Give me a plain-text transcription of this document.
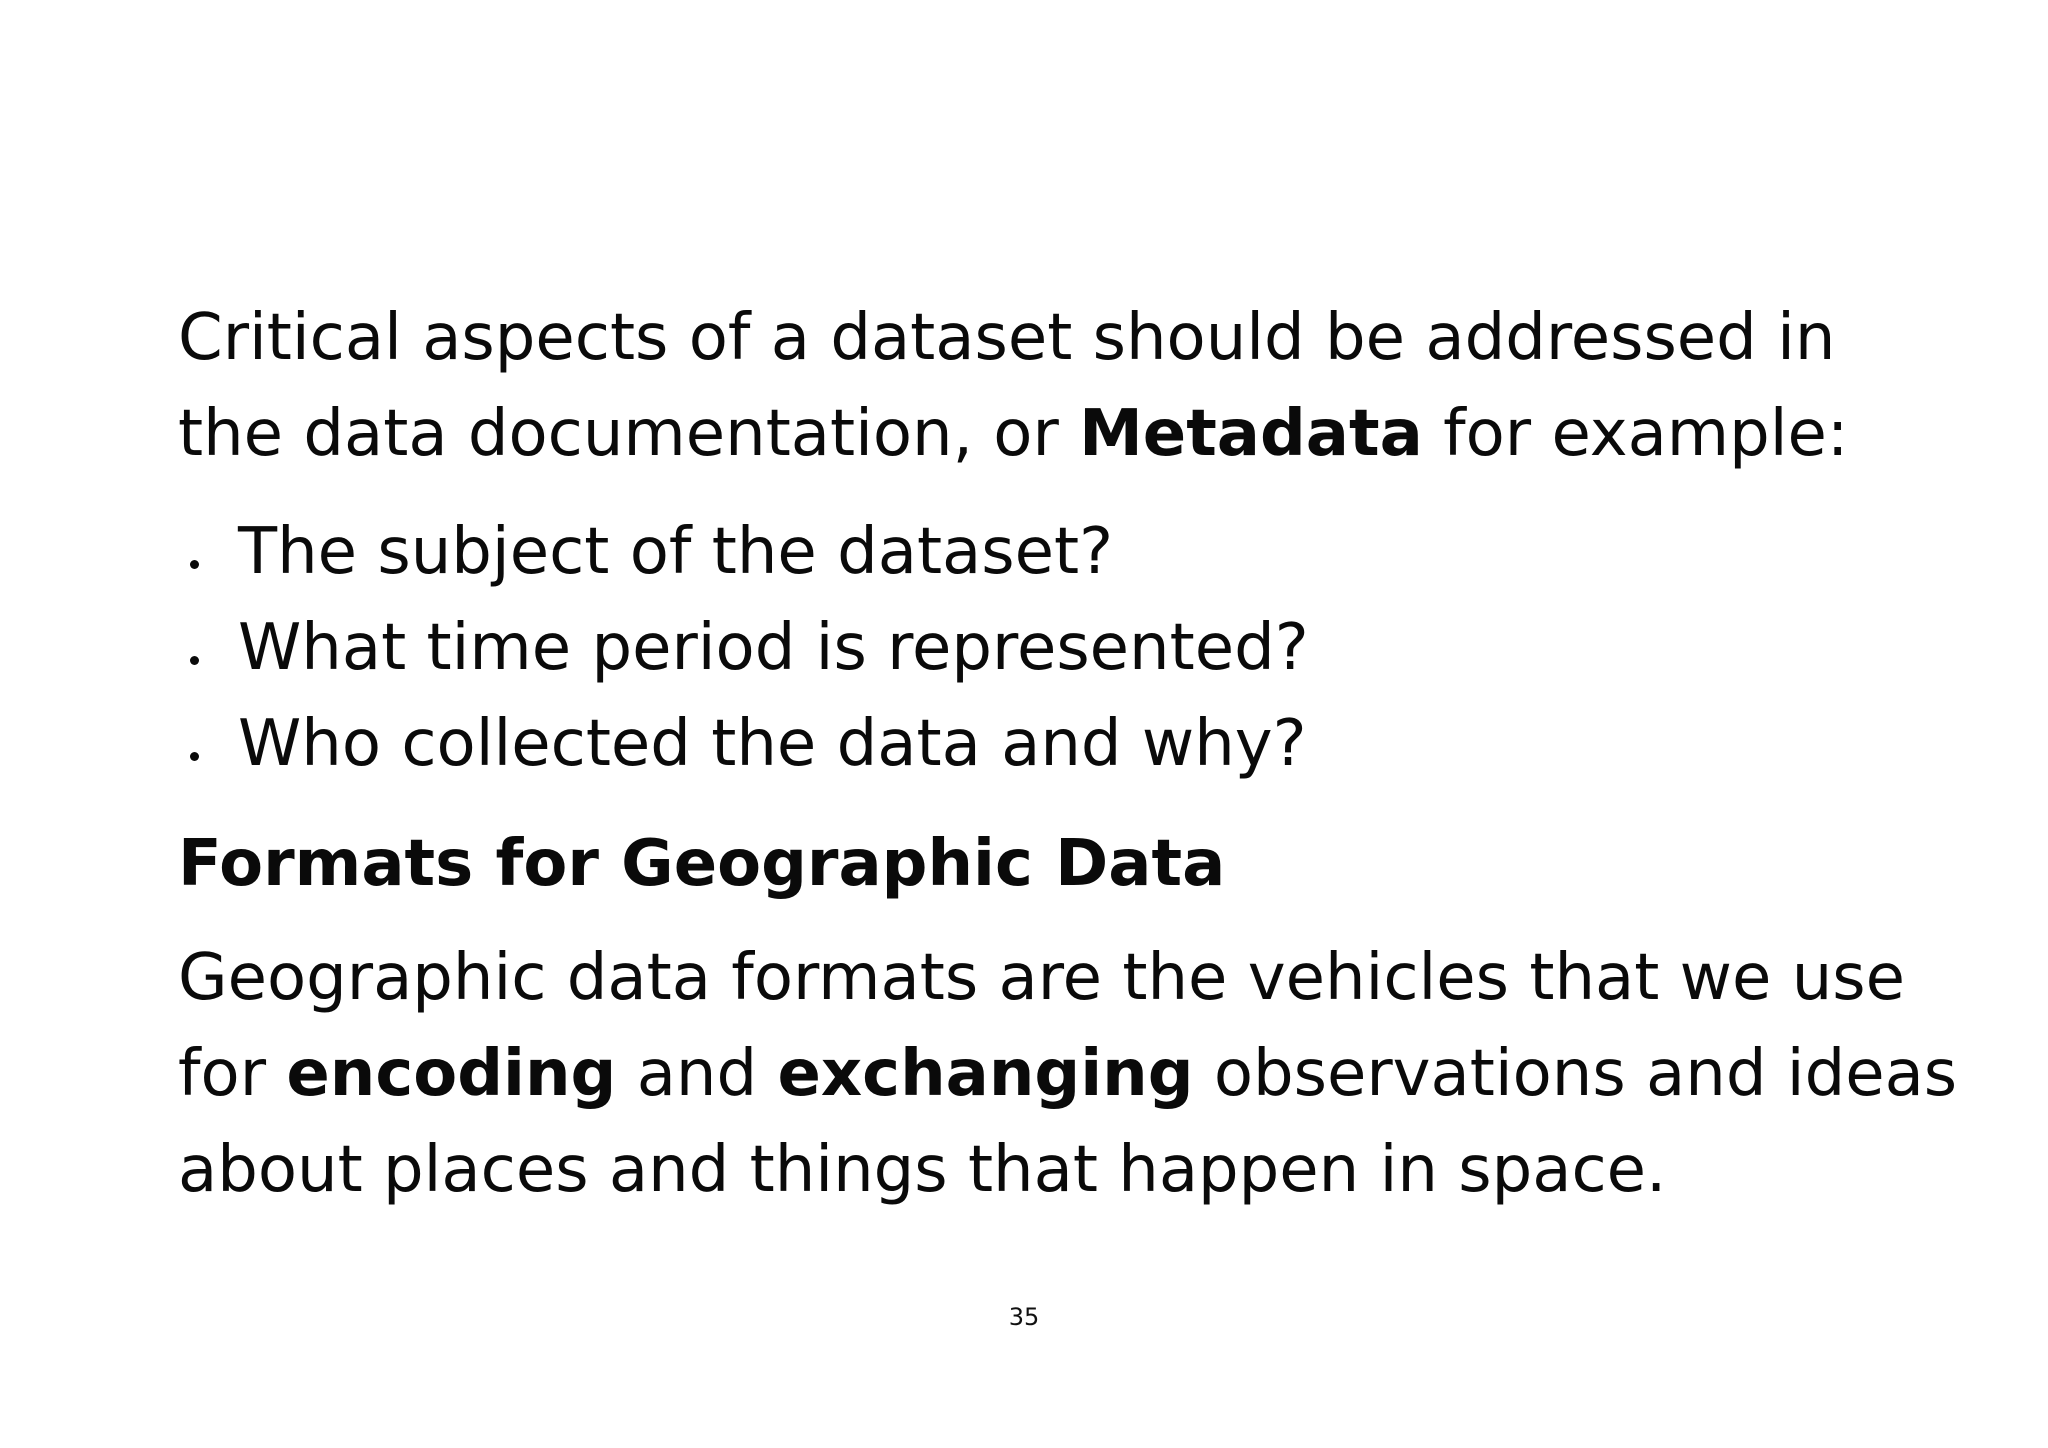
Critical aspects of a dataset should be addressed in
the data documentation, or Metadata for example:

The subject of the dataset?
What time period is represented?
Who collected the data and why?
Formats for Geographic Data

Geographic data formats are the vehicles that we use
for encoding and exchanging observations and ideas
about places and things that happen in space.

35
